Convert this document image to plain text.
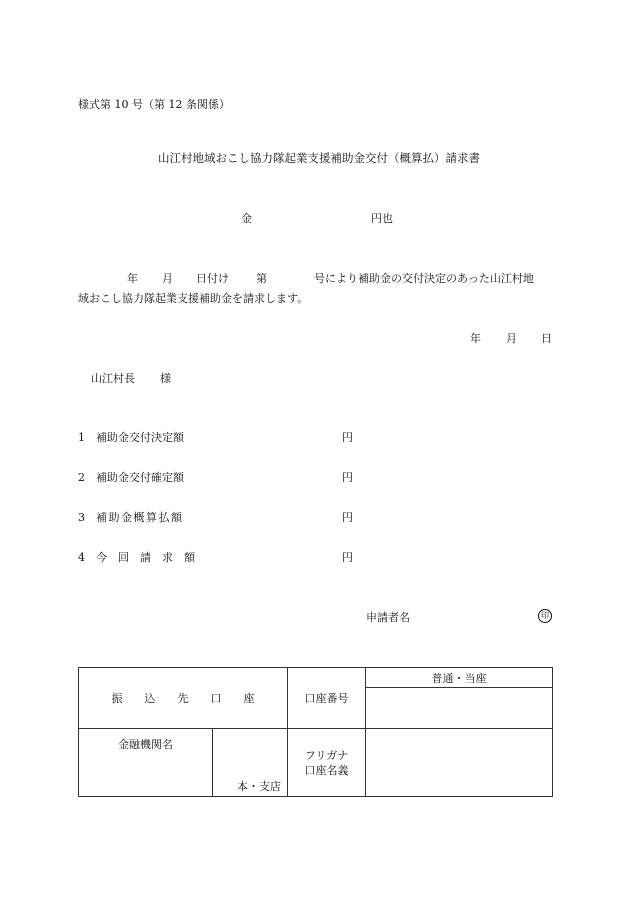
様式第 10 号（第 12 条関係）
山江村地域おこし協力隊起業支援補助金交付（概算払）請求書
金	円也
年 月 日付け 第	号により補助金の交付決定のあった山江村地
域おこし協力隊起業支援補助金を請求します。
年 月 日
山江村長 様
1 補助金交付決定額	円
2 補助金交付確定額	円
3 補助金概算払額	円
4 今　回　請　求　額	円
申請者名	印
振　　込　　先　　口　　座		口座番号	普通・当座

金融機関名	本・支店	フリガナ
口座名義	
